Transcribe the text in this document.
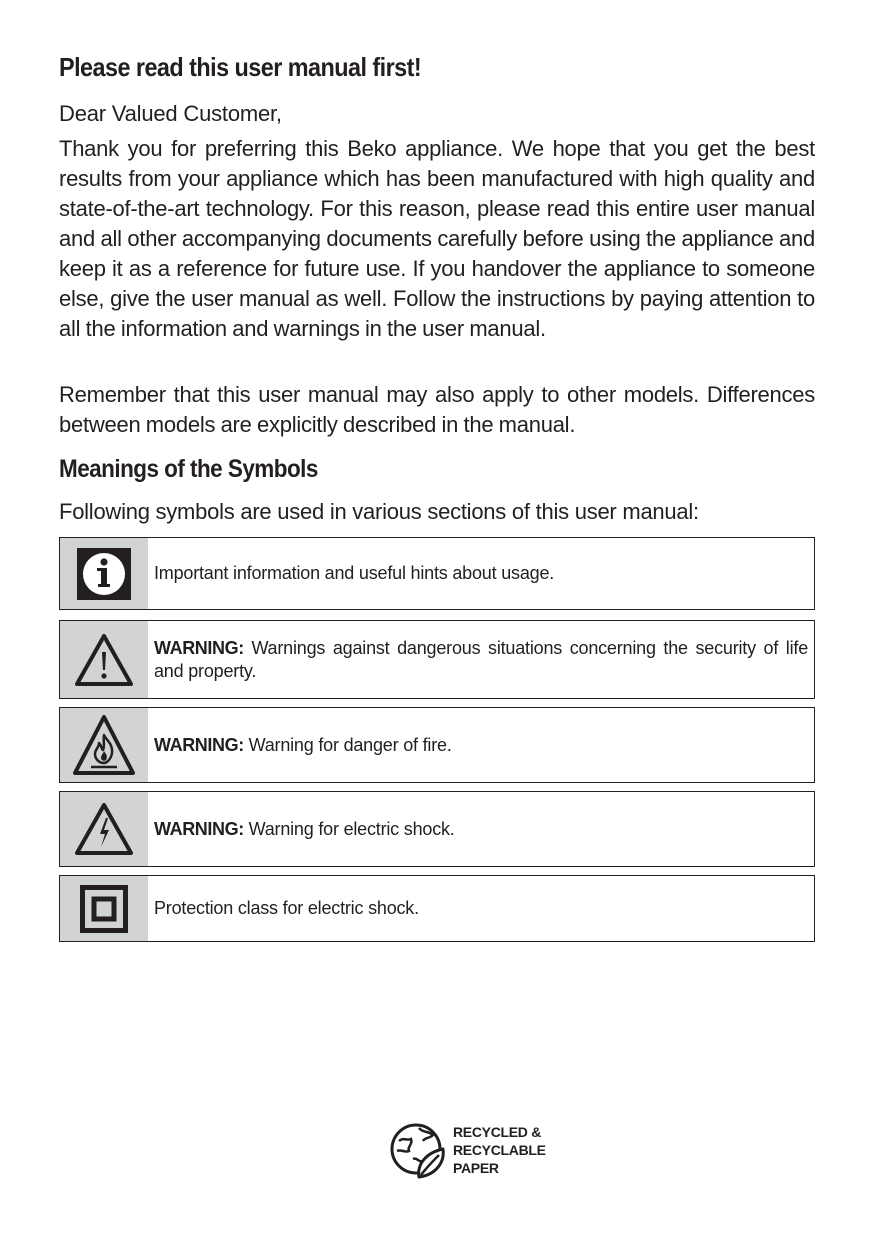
Please read this user manual first!

Dear Valued Customer,

Thank you for preferring this Beko appliance. We hope that you get the best results from your appliance which has been manufactured with high quality and state-of-the-art technology. For this reason, please read this entire user manual and all other accompanying documents carefully before using the appliance and keep it as a reference for future use. If you handover the appliance to someone else, give the user manual as well. Follow the instructions by paying attention to all the information and warnings in the user manual.

Remember that this user manual may also apply to other models. Differences between models are explicitly described in the manual.

Meanings of the Symbols

Following symbols are used in various sections of this user manual:

Important information and useful hints about usage.
WARNING: Warnings against dangerous situations concerning the security of life and property.
WARNING: Warning for danger of fire.
WARNING: Warning for electric shock.
Protection class for electric shock.
RECYCLED &
RECYCLABLE
PAPER
